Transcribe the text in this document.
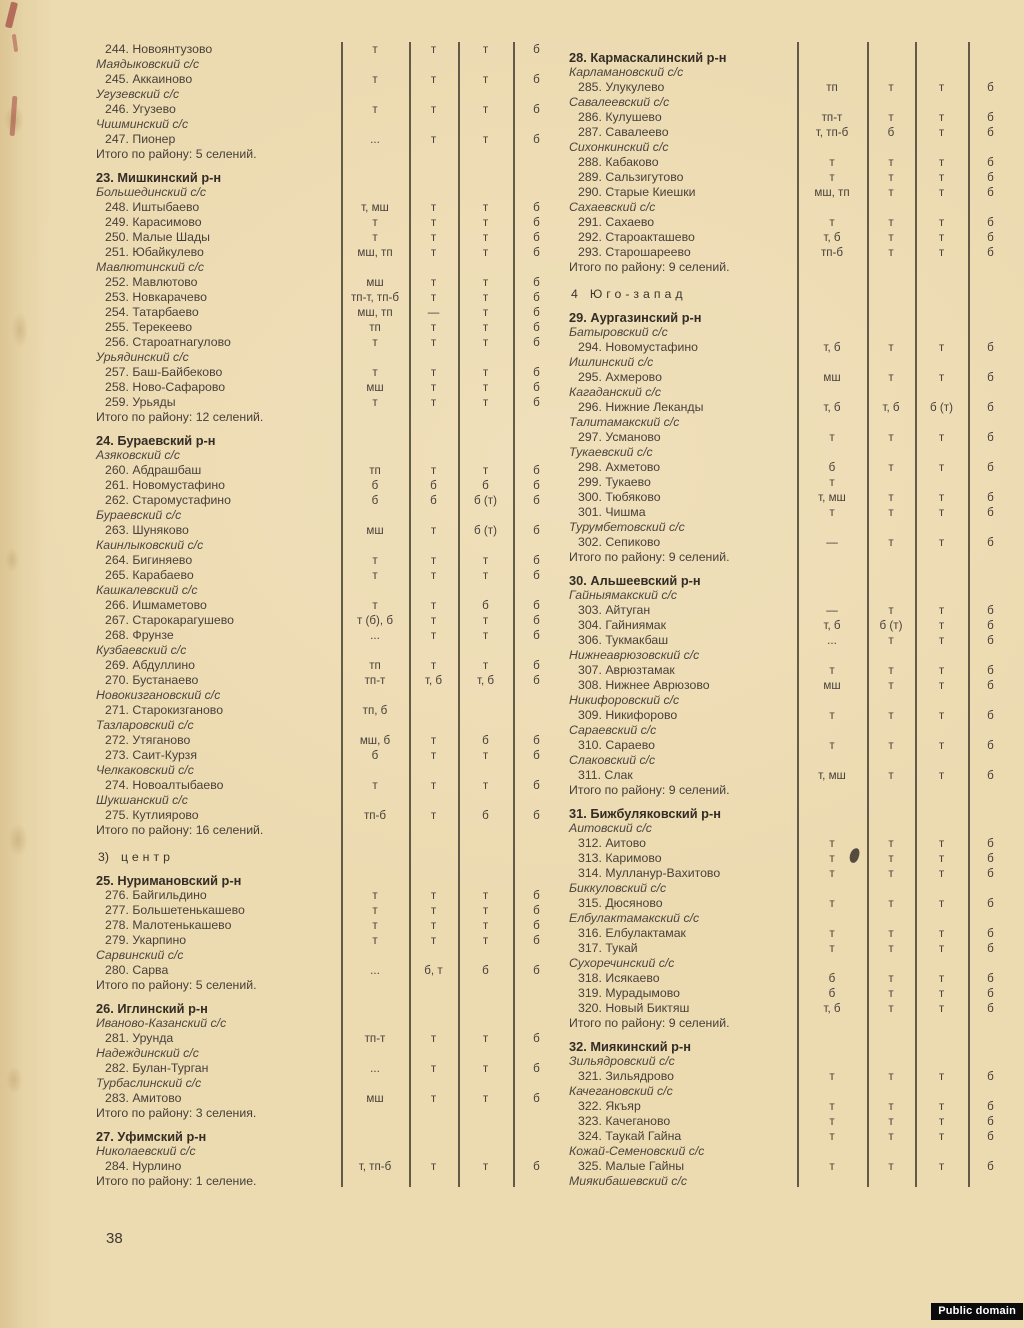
244. Новоянтузово	т	т	т	б
Маядыковский с/с
245. Аккаиново	т	т	т	б
Угузевский с/с
246. Угузево	т	т	т	б
Чишминский с/с
247. Пионер	...	т	т	б
Итого по району: 5 селений.
23. Мишкинский р-н
Большединский с/с
248. Иштыбаево	т, мш	т	т	б
249. Карасимово	т	т	т	б
250. Малые Шады	т	т	т	б
251. Юбайкулево	мш, тп	т	т	б
Мавлютинский с/с
252. Мавлютово	мш	т	т	б
253. Новкарачево	тп-т, тп-б	т	т	б
254. Татарбаево	мш, тп	—	т	б
255. Терекеево	тп	т	т	б
256. Староатнагулово	т	т	т	б
Урьядинский с/с
257. Баш-Байбеково	т	т	т	б
258. Ново-Сафарово	мш	т	т	б
259. Урьяды	т	т	т	б
Итого по району: 12 селений.
24. Бураевский р-н
Азяковский с/с
260. Абдрашбаш	тп	т	т	б
261. Новомустафино	б	б	б	б
262. Старомустафино	б	б	б (т)	б
Бураевский с/с
263. Шуняково	мш	т	б (т)	б
Каинлыковский с/с
264. Бигиняево	т	т	т	б
265. Карабаево	т	т	т	б
Кашкалевский с/с
266. Ишмаметово	т	т	б	б
267. Старокарагушево	т (б), б	т	т	б
268. Фрунзе	...	т	т	б
Кузбаевский с/с
269. Абдуллино	тп	т	т	б
270. Бустанаево	тп-т	т, б	т, б	б
Новокизгановский с/с
271. Старокизганово	тп, б
Тазларовский с/с
272. Утяганово	мш, б	т	б	б
273. Саит-Курзя	б	т	т	б
Челкаковский с/с
274. Новоалтыбаево	т	т	т	б
Шукшанский с/с
275. Кутлиярово	тп-б	т	б	б
Итого по району: 16 селений.
3) центр
25. Нуримановский р-н
276. Байгильдино	т	т	т	б
277. Большетенькашево	т	т	т	б
278. Малотенькашево	т	т	т	б
279. Укарпино	т	т	т	б
Сарвинский с/с
280. Сарва	...	б, т	б	б
Итого по району: 5 селений.
26. Иглинский р-н
Иваново-Казанский с/с
281. Урунда	тп-т	т	т	б
Надеждинский с/с
282. Булан-Турган	...	т	т	б
Турбаслинский с/с
283. Амитово	мш	т	т	б
Итого по району: 3 селения.
27. Уфимский р-н
Николаевский с/с
284. Нурлино	т, тп-б	т	т	б
Итого по району: 1 селение.
28. Кармаскалинский р-н
Карламановский с/с
285. Улукулево	тп	т	т	б
Савалеевский с/с
286. Кулушево	тп-т	т	т	б
287. Савалеево	т, тп-б	б	т	б
Сихонкинский с/с
288. Кабаково	т	т	т	б
289. Сальзигутово	т	т	т	б
290. Старые Киешки	мш, тп	т	т	б
Сахаевский с/с
291. Сахаево	т	т	т	б
292. Староакташево	т, б	т	т	б
293. Старошареево	тп-б	т	т	б
Итого по району: 9 селений.
4 Юго-запад
29. Аургазинский р-н
Батыровский с/с
294. Новомустафино	т, б	т	т	б
Ишлинский с/с
295. Ахмерово	мш	т	т	б
Кагаданский с/с
296. Нижние Леканды	т, б	т, б	б (т)	б
Талитамакский с/с
297. Усманово	т	т	т	б
Тукаевский с/с
298. Ахметово	б	т	т	б
299. Тукаево	т
300. Тюбяково	т, мш	т	т	б
301. Чишма	т	т	т	б
Турумбетовский с/с
302. Сепиково	—	т	т	б
Итого по району: 9 селений.
30. Альшеевский р-н
Гайныямакский с/с
303. Айтуган	—	т	т	б
304. Гайниямак	т, б	б (т)	т	б
306. Тукмакбаш	...	т	т	б
Нижнеаврюзовский с/с
307. Аврюзтамак	т	т	т	б
308. Нижнее Аврюзово	мш	т	т	б
Никифоровский с/с
309. Никифорово	т	т	т	б
Сараевский с/с
310. Сараево	т	т	т	б
Слаковский с/с
311. Слак	т, мш	т	т	б
Итого по району: 9 селений.
31. Бижбуляковский р-н
Аитовский с/с
312. Аитово	т	т	т	б
313. Каримово	т	т	т	б
314. Мулланур-Вахитово	т	т	т	б
Биккуловский с/с
315. Дюсяново	т	т	т	б
Елбулактамакский с/с
316. Елбулактамак	т	т	т	б
317. Тукай	т	т	т	б
Сухоречинский с/с
318. Исякаево	б	т	т	б
319. Мурадымово	б	т	т	б
320. Новый Биктяш	т, б	т	т	б
Итого по району: 9 селений.
32. Миякинский р-н
Зильядровский с/с
321. Зильядрово	т	т	т	б
Качегановский с/с
322. Якъяр	т	т	т	б
323. Качеганово	т	т	т	б
324. Таукай Гайна	т	т	т	б
Кожай-Семеновский с/с
325. Малые Гайны	т	т	т	б
Миякибашевский с/с
38
Public domain
